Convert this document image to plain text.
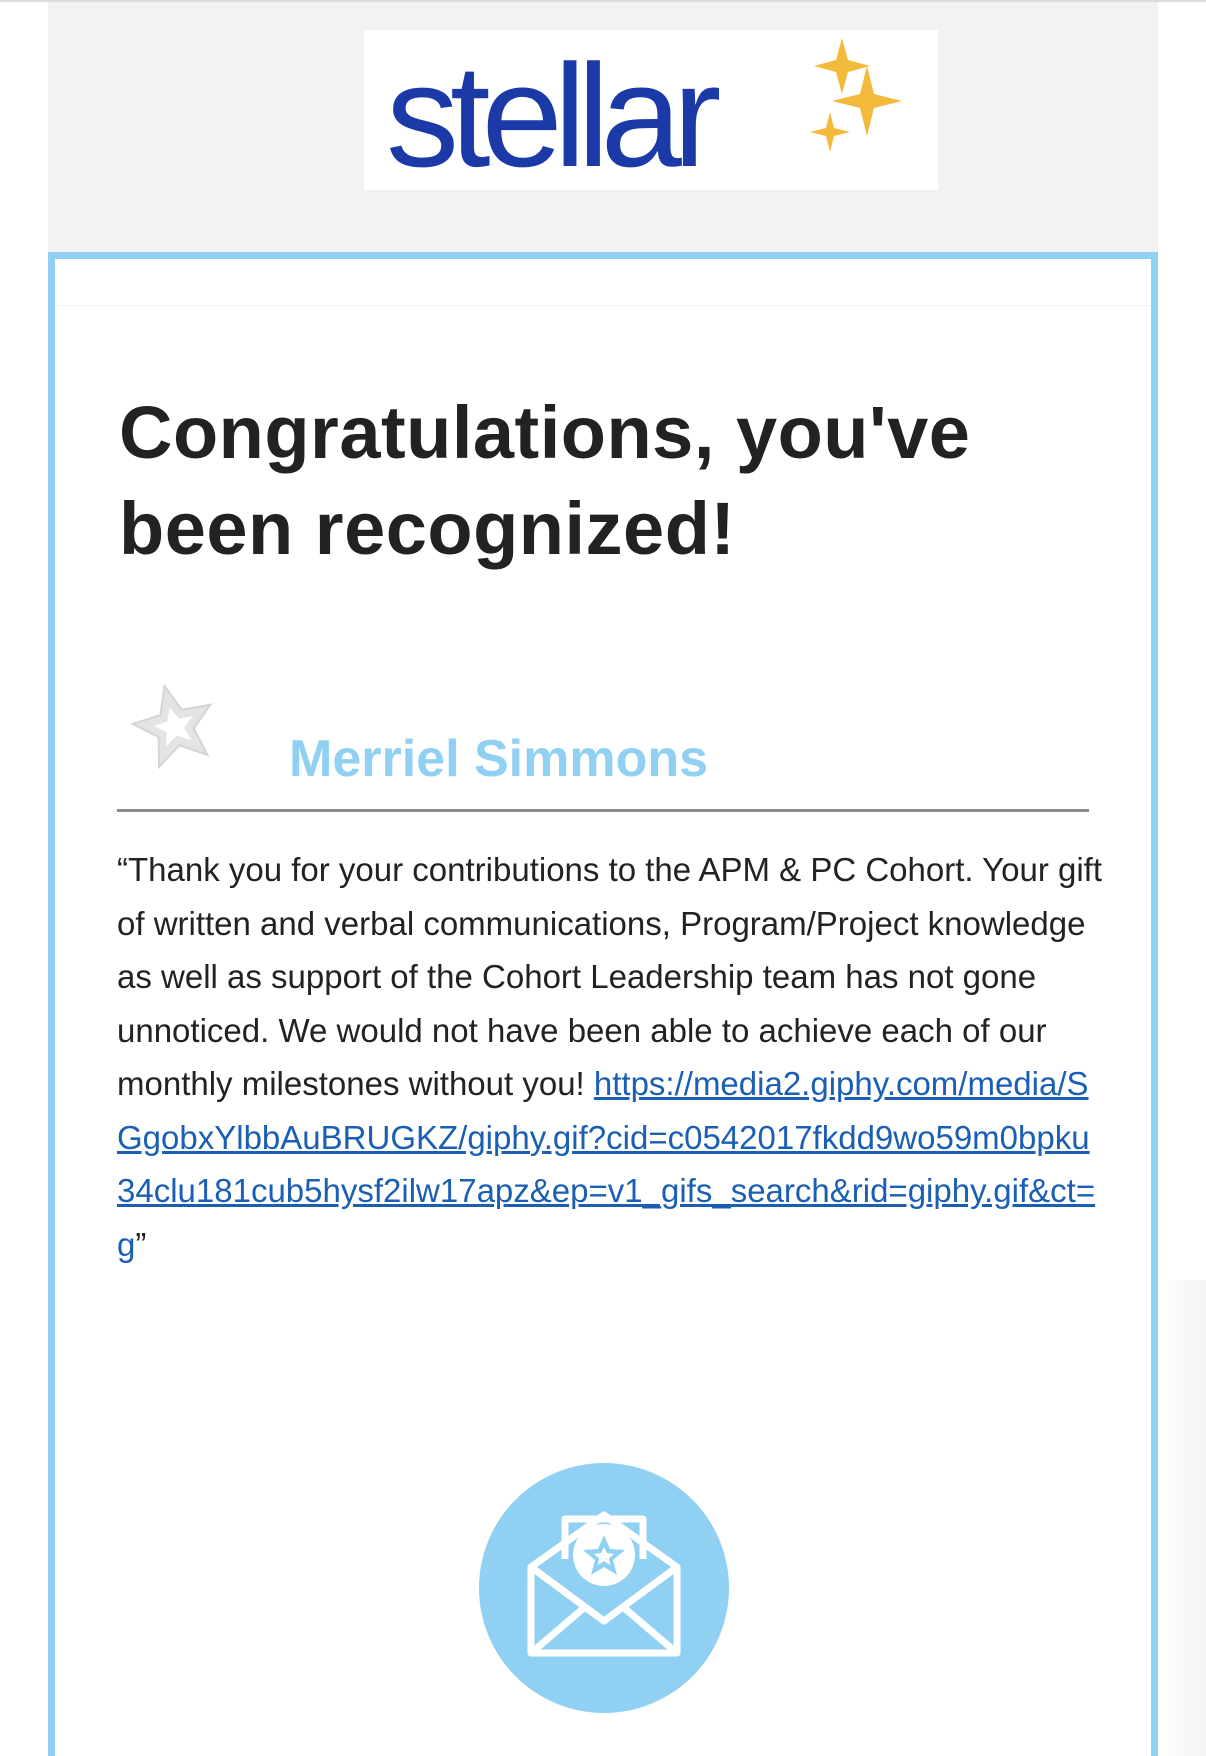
stellar
Congratulations, you've been recognized!
Merriel Simmons
“Thank you for your contributions to the APM & PC Cohort. Your gift of written and verbal communications, Program/Project knowledge as well as support of the Cohort Leadership team has not gone unnoticed. We would not have been able to achieve each of our monthly milestones without you! https://media2.giphy.com/media/SGgobxYlbbAuBRUGKZ/giphy.gif?cid=c0542017fkdd9wo59m0bpku34clu181cub5hysf2ilw17apz&ep=v1_gifs_search&rid=giphy.gif&ct=g”
